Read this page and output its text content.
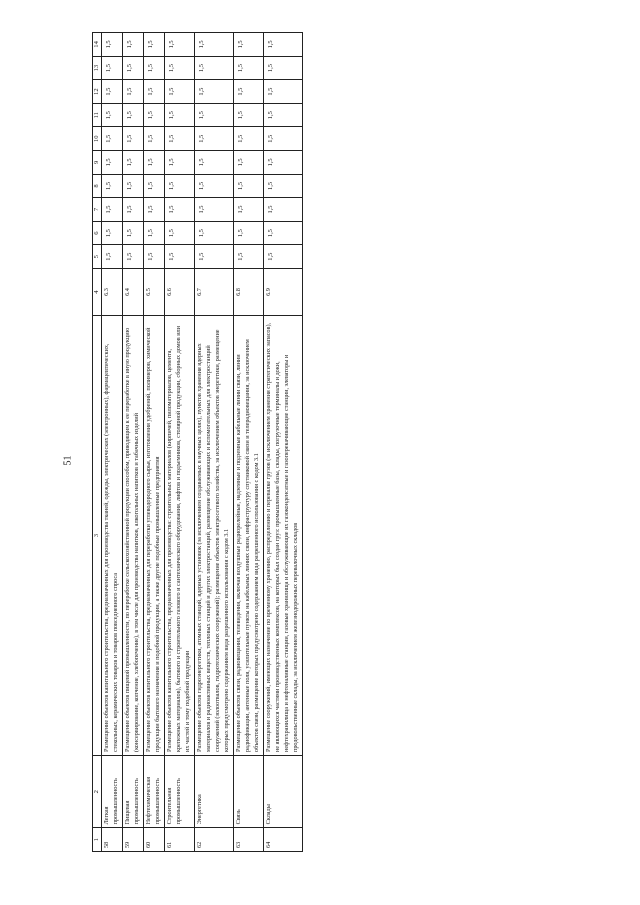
51
1	2	3	4	5	6	7	8	9	10	11	12	13	14
58	Легкая промышленность	Размещение объектов капитального строительства, предназначенных для производства тканей, одежды, электрических (электронных), фармацевтических, стекольных, керамических товаров и товаров повседневного спроса	6.3	1,5	1,5	1,5	1,5	1,5	1,5	1,5	1,5	1,5	1,5
59	Пищевая промышленность	Размещение объектов пищевой промышленности, по переработке сельскохозяйственной продукции способом, приводящим к ее переработке в иную продукцию (консервирование, копчение, хлебопечение), в том числе для производства напитков, алкогольных напитков и табачных изделий	6.4	1,5	1,5	1,5	1,5	1,5	1,5	1,5	1,5	1,5	1,5
60	Нефтехимическая промышленность	Размещение объектов капитального строительства, предназначенных для переработки углеводородного сырья, изготовления удобрений, полимеров, химической продукции бытового назначения и подобной продукции, а также другие подобные промышленные предприятия	6.5	1,5	1,5	1,5	1,5	1,5	1,5	1,5	1,5	1,5	1,5
61	Строительная промышленность	Размещение объектов капитального строительства, предназначенных для производства: строительных материалов (кирпичей, пиломатериалов, цемента, крепежных материалов), бытового и строительного газового и сантехнического оборудования, лифтов и подъемников, столярной продукции, сборных домов или их частей и тому подобной продукции	6.6	1,5	1,5	1,5	1,5	1,5	1,5	1,5	1,5	1,5	1,5
62	Энергетика	Размещение объектов гидроэнергетики, атомных станций, ядерных установок (за исключением создаваемых в научных целях), пунктов хранения ядерных материалов и радиоактивных веществ, тепловых станций и других электростанций, размещение обслуживающих и вспомогательных для электростанций сооружений (золоотвалов, гидротехнических сооружений); размещение объектов электросетевого хозяйства, за исключением объектов энергетики, размещение которых предусмотрено содержанием вида разрешенного использования с кодом 3.1	6.7	1,5	1,5	1,5	1,5	1,5	1,5	1,5	1,5	1,5	1,5
63	Связь	Размещение объектов связи, радиовещания, телевидения, включая воздушные радиорелейные, надземные и подземные кабельные линии связи, линии радиофикации, антенные поля, усилительные пункты на кабельных линиях связи, инфраструктуру спутниковой связи и телерадиовещания, за исключением объектов связи, размещение которых предусмотрено содержанием вида разрешенного использования с кодом 3.1	6.8	1,5	1,5	1,5	1,5	1,5	1,5	1,5	1,5	1,5	1,5
64	Склады	Размещение сооружений, имеющих назначение по временному хранению, распределению и перевалке грузов (за исключением хранения стратегических запасов), не являющихся частями производственных комплексов, на которых был создан груз: промышленные базы, склады, погрузочные терминалы и доки, нефтехранилища и нефтеналивные станции, газовые хранилища и обслуживающие их газоконденсатные и газоперекачивающие станции, элеваторы и продовольственные склады, за исключением железнодорожных перевалочных складов	6.9	1,5	1,5	1,5	1,5	1,5	1,5	1,5	1,5	1,5	1,5
